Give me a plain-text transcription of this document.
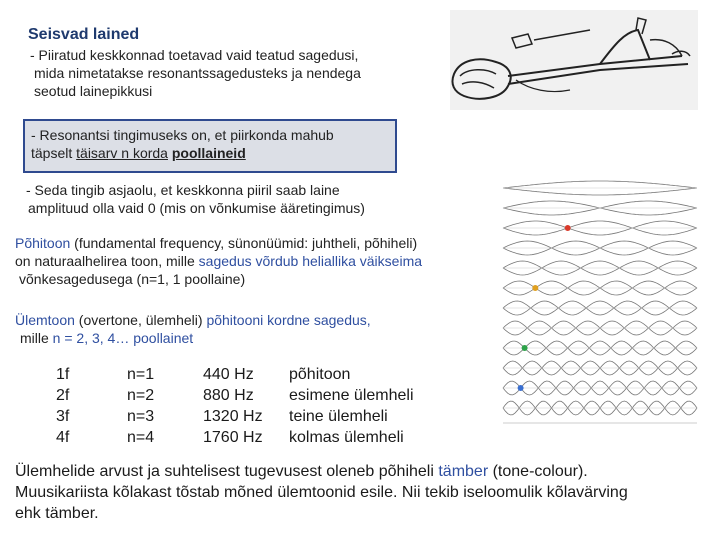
Seisvad lained
- Piiratud keskkonnad toetavad vaid teatud sagedusi,
mida nimetatakse resonantssagedusteks ja nendega
seotud lainepikkusi
- Resonantsi tingimuseks on, et piirkonda mahub
täpselt täisarv n korda poollaineid
- Seda tingib asjaolu, et keskkonna piiril saab laine
amplituud olla vaid 0 (mis on võnkumise ääretingimus)
Põhitoon (fundamental frequency, sünonüümid: juhtheli, põhiheli)
on naturaalhelirea toon, mille sagedus võrdub heliallika väikseima

võnkesagedusega (n=1, 1 poollaine)
Ülemtoon (overtone, ülemheli) põhitooni kordne sagedus,

mille n = 2, 3, 4… poollainet
1f	n=1	440 Hz	põhitoon
2f	n=2	880 Hz	esimene ülemheli
3f	n=3	1320 Hz	teine ülemheli
4f	n=4	1760 Hz	kolmas ülemheli
Ülemhelide arvust ja suhtelisest tugevusest oleneb põhiheli tämber (tone-colour).
Muusikariista kõlakast tõstab mõned ülemtoonid esile. Nii tekib iseloomulik kõlavärving
ehk tämber.
